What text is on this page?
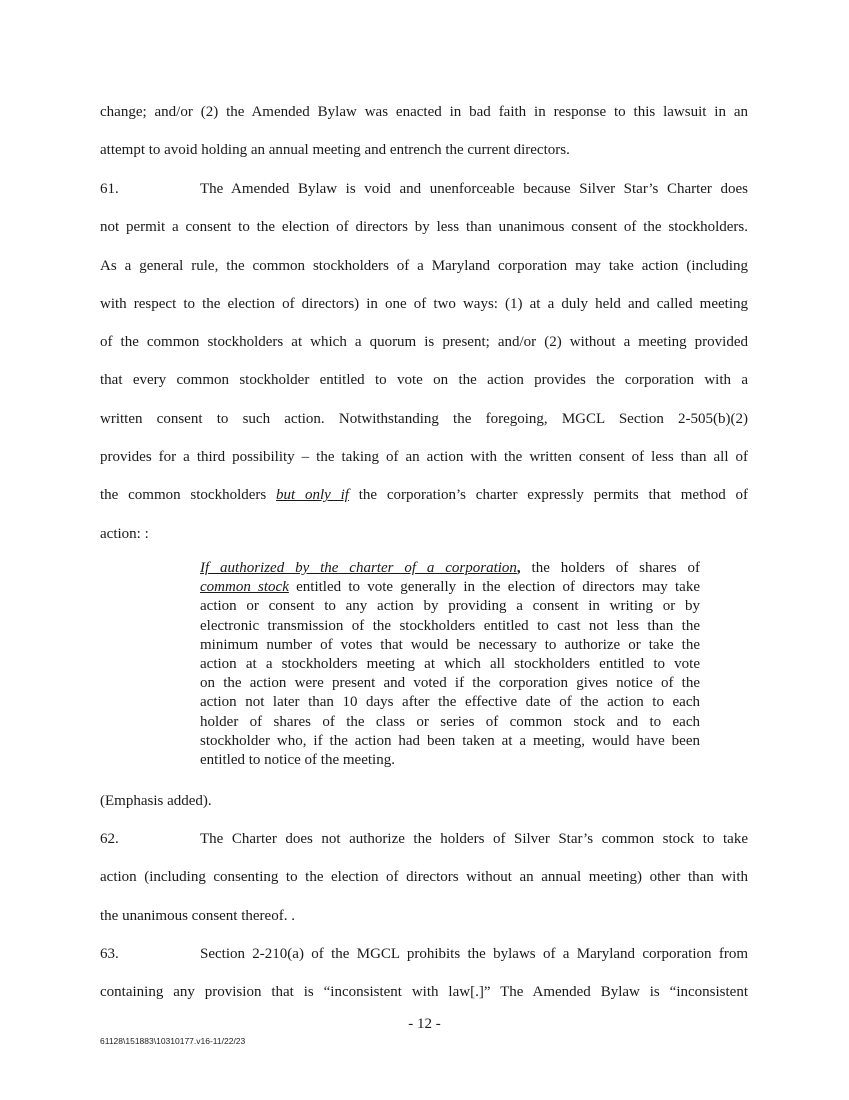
change; and/or (2) the Amended Bylaw was enacted in bad faith in response to this lawsuit in an
attempt to avoid holding an annual meeting and entrench the current directors.
61.	The Amended Bylaw is void and unenforceable because Silver Star’s Charter does
not permit a consent to the election of directors by less than unanimous consent of the stockholders.
As a general rule, the common stockholders of a Maryland corporation may take action (including
with respect to the election of directors) in one of two ways: (1) at a duly held and called meeting
of the common stockholders at which a quorum is present; and/or (2) without a meeting provided
that every common stockholder entitled to vote on the action provides the corporation with a
written consent to such action. Notwithstanding the foregoing, MGCL Section 2-505(b)(2)
provides for a third possibility – the taking of an action with the written consent of less than all of
the common stockholders but only if the corporation’s charter expressly permits that method of
action: :
If authorized by the charter of a corporation, the holders of shares of
common stock entitled to vote generally in the election of directors may take
action or consent to any action by providing a consent in writing or by
electronic transmission of the stockholders entitled to cast not less than the
minimum number of votes that would be necessary to authorize or take the
action at a stockholders meeting at which all stockholders entitled to vote
on the action were present and voted if the corporation gives notice of the
action not later than 10 days after the effective date of the action to each
holder of shares of the class or series of common stock and to each
stockholder who, if the action had been taken at a meeting, would have been
entitled to notice of the meeting.
(Emphasis added).
62.	The Charter does not authorize the holders of Silver Star’s common stock to take
action (including consenting to the election of directors without an annual meeting) other than with
the unanimous consent thereof. .
63.	Section 2-210(a) of the MGCL prohibits the bylaws of a Maryland corporation from
containing any provision that is “inconsistent with law[.]” The Amended Bylaw is “inconsistent
- 12 -
61128\151883\10310177.v16-11/22/23
